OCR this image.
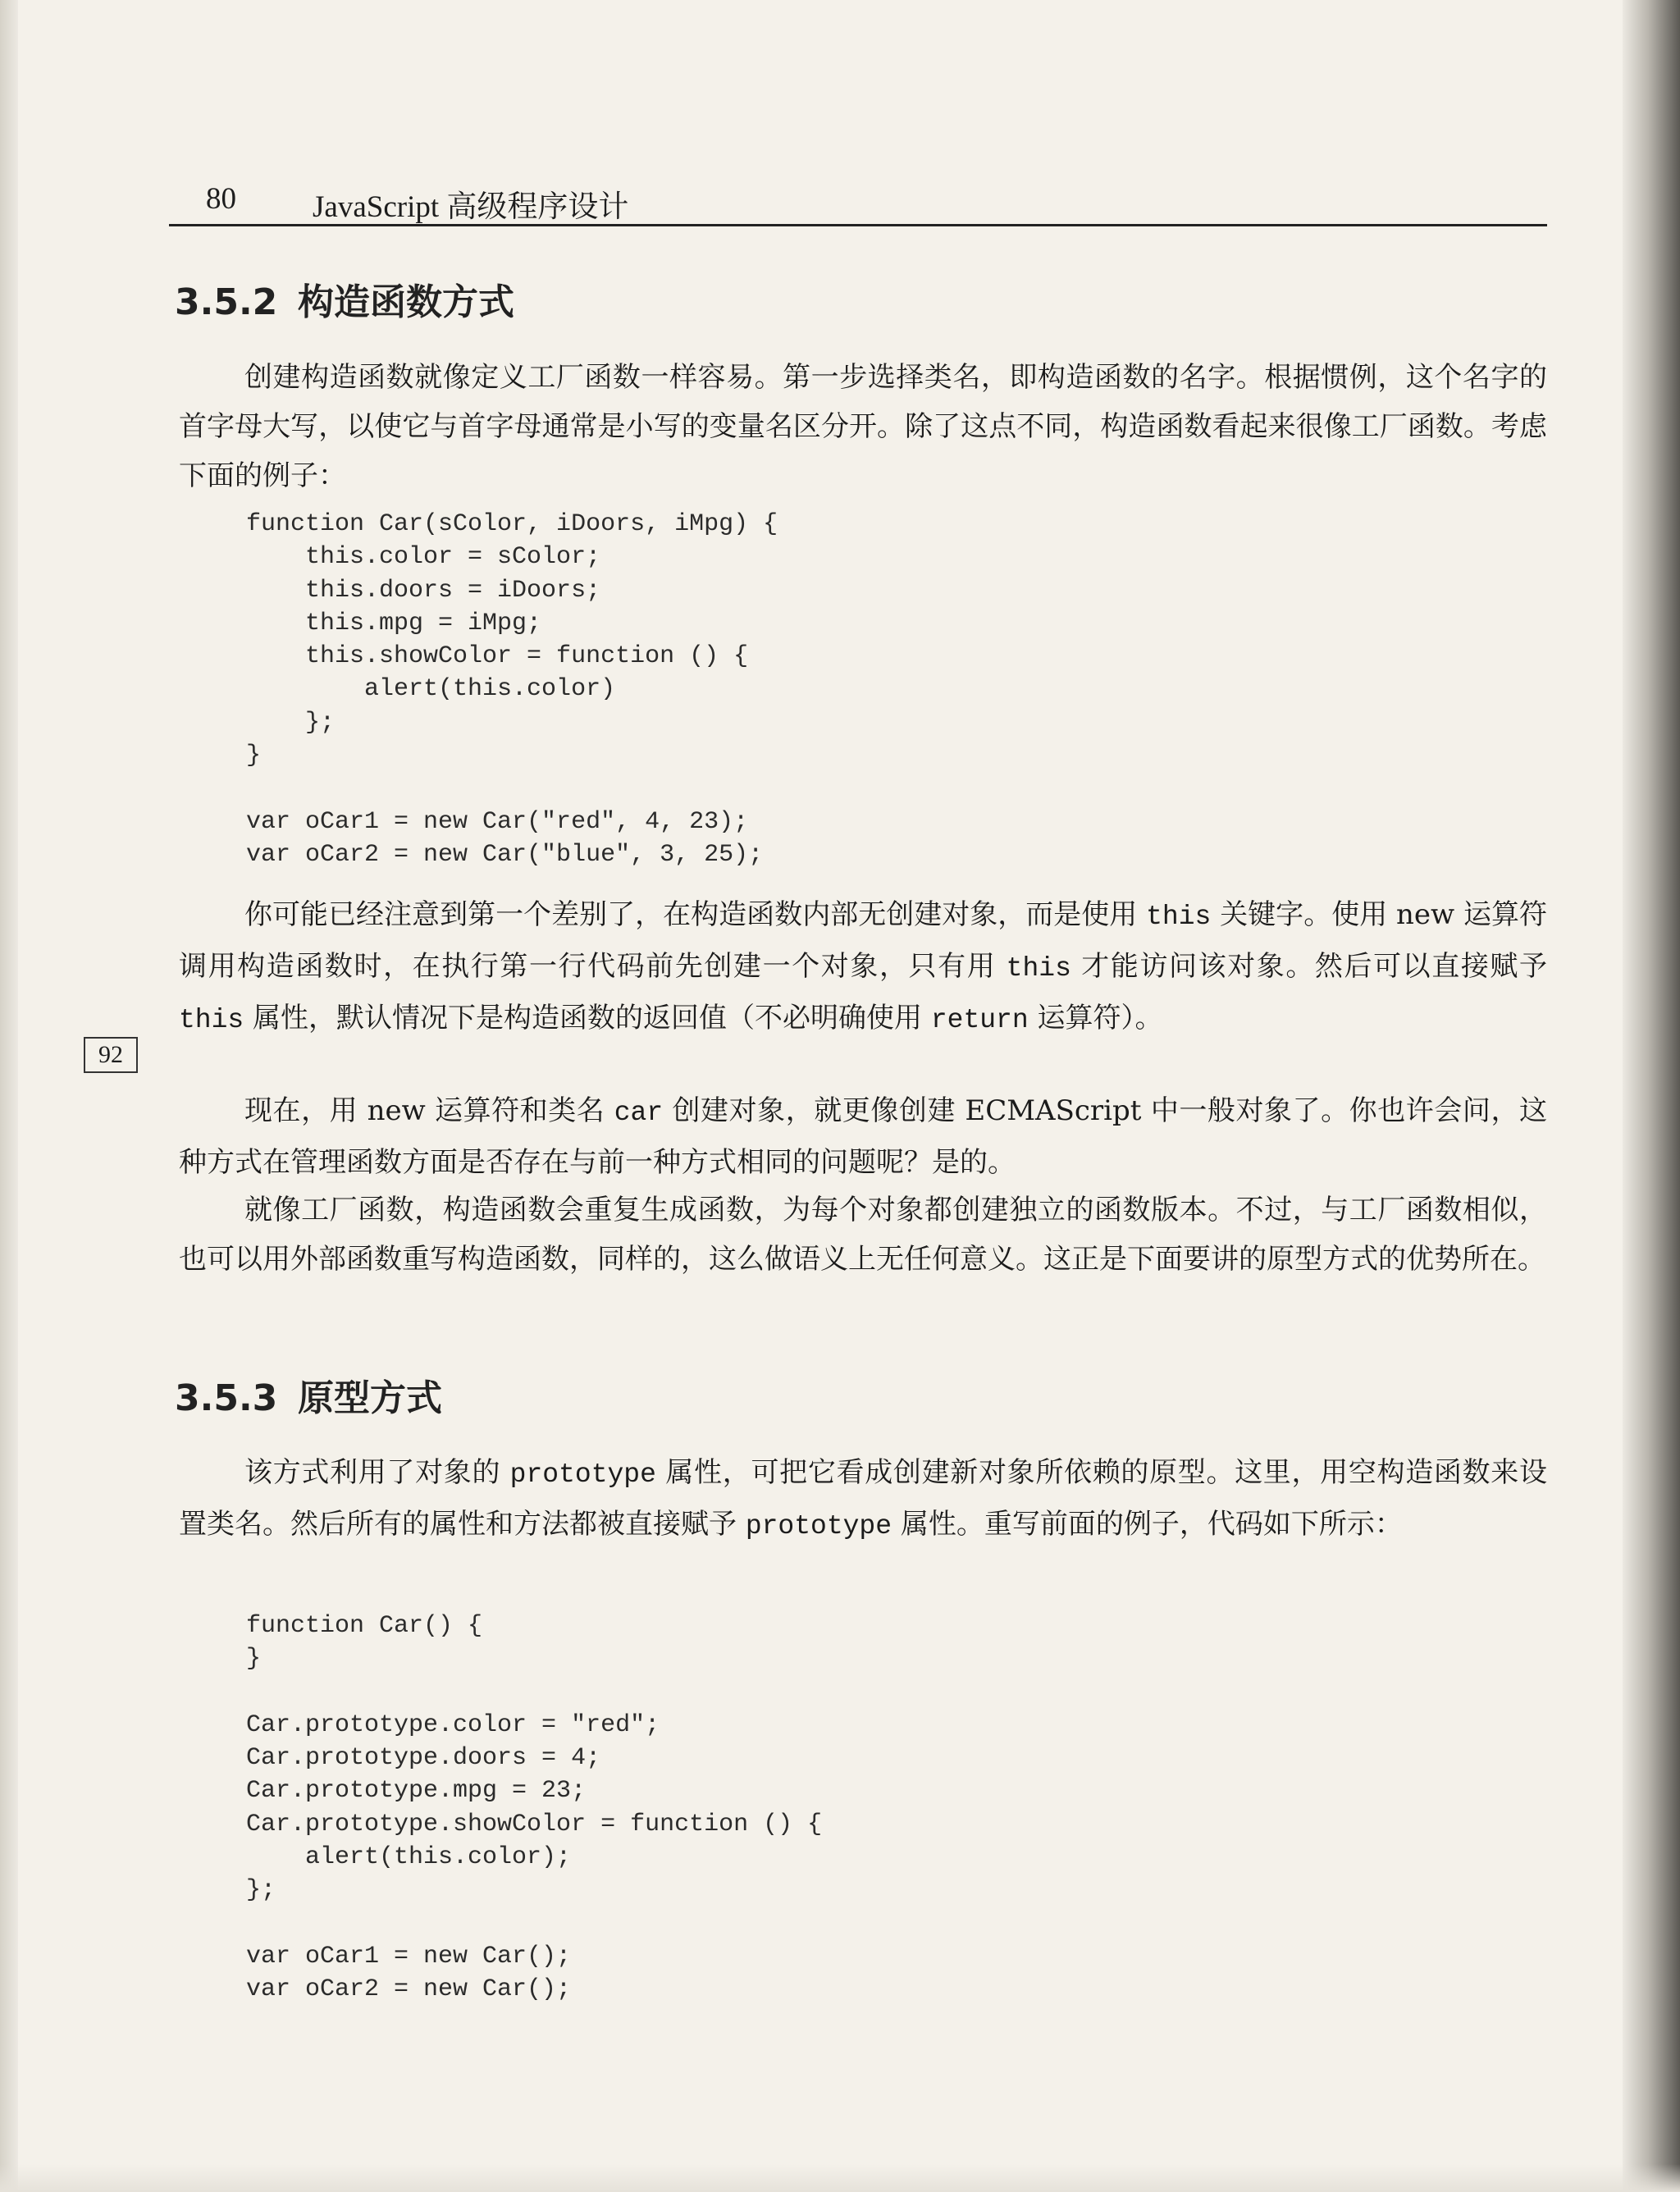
80	JavaScript 高级程序设计
3.5.2 构造函数方式

创建构造函数就像定义工厂函数一样容易。第一步选择类名，即构造函数的名字。根据惯例，这个名字的首字母大写，以使它与首字母通常是小写的变量名区分开。除了这点不同，构造函数看起来很像工厂函数。考虑下面的例子：

function Car(sColor, iDoors, iMpg) {
this.color = sColor;
this.doors = iDoors;
this.mpg = iMpg;
this.showColor = function () {
alert(this.color)
};
}

var oCar1 = new Car("red", 4, 23);
var oCar2 = new Car("blue", 3, 25);

你可能已经注意到第一个差别了，在构造函数内部无创建对象，而是使用 this 关键字。使用 new 运算符调用构造函数时，在执行第一行代码前先创建一个对象，只有用 this 才能访问该对象。然后可以直接赋予 this 属性，默认情况下是构造函数的返回值（不必明确使用 return 运算符）。

92

现在，用 new 运算符和类名 car 创建对象，就更像创建 ECMAScript 中一般对象了。你也许会问，这种方式在管理函数方面是否存在与前一种方式相同的问题呢？是的。

就像工厂函数，构造函数会重复生成函数，为每个对象都创建独立的函数版本。不过，与工厂函数相似，也可以用外部函数重写构造函数，同样的，这么做语义上无任何意义。这正是下面要讲的原型方式的优势所在。

3.5.3 原型方式

该方式利用了对象的 prototype 属性，可把它看成创建新对象所依赖的原型。这里，用空构造函数来设置类名。然后所有的属性和方法都被直接赋予 prototype 属性。重写前面的例子，代码如下所示：

function Car() {
}

Car.prototype.color = "red";
Car.prototype.doors = 4;
Car.prototype.mpg = 23;
Car.prototype.showColor = function () {
alert(this.color);
};

var oCar1 = new Car();
var oCar2 = new Car();
